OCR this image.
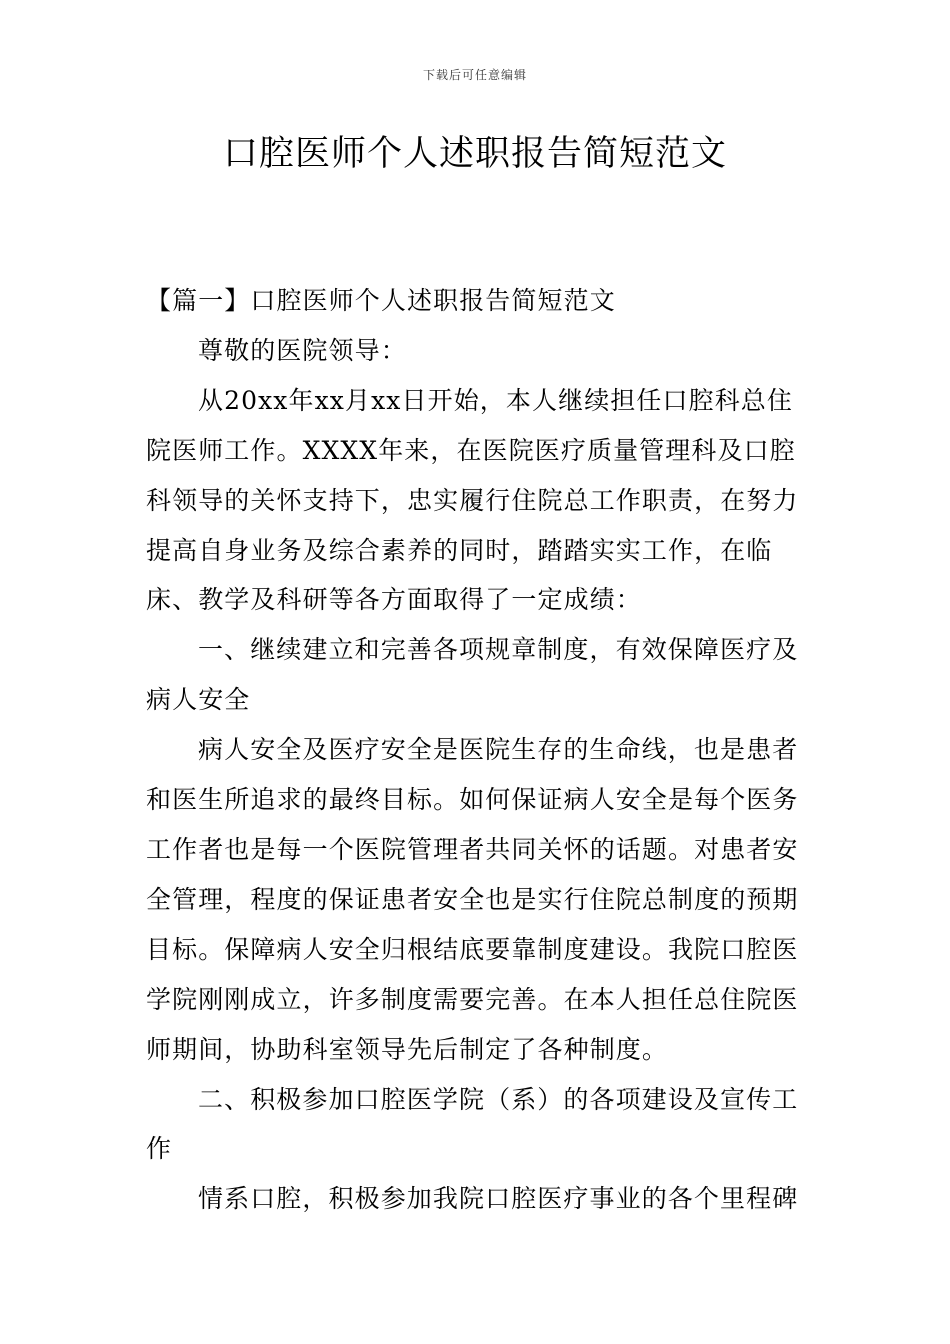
下载后可任意编辑
口腔医师个人述职报告简短范文

【篇一】口腔医师个人述职报告简短范文

尊敬的医院领导：

从20xx年xx月xx日开始，本人继续担任口腔科总住院医师工作。XXXX年来，在医院医疗质量管理科及口腔科领导的关怀支持下，忠实履行住院总工作职责，在努力提高自身业务及综合素养的同时，踏踏实实工作，在临床、教学及科研等各方面取得了一定成绩：

一、继续建立和完善各项规章制度，有效保障医疗及病人安全

病人安全及医疗安全是医院生存的生命线，也是患者和医生所追求的最终目标。如何保证病人安全是每个医务工作者也是每一个医院管理者共同关怀的话题。对患者安全管理，程度的保证患者安全也是实行住院总制度的预期目标。保障病人安全归根结底要靠制度建设。我院口腔医学院刚刚成立，许多制度需要完善。在本人担任总住院医师期间，协助科室领导先后制定了各种制度。

二、积极参加口腔医学院（系）的各项建设及宣传工作

情系口腔，积极参加我院口腔医疗事业的各个里程碑
